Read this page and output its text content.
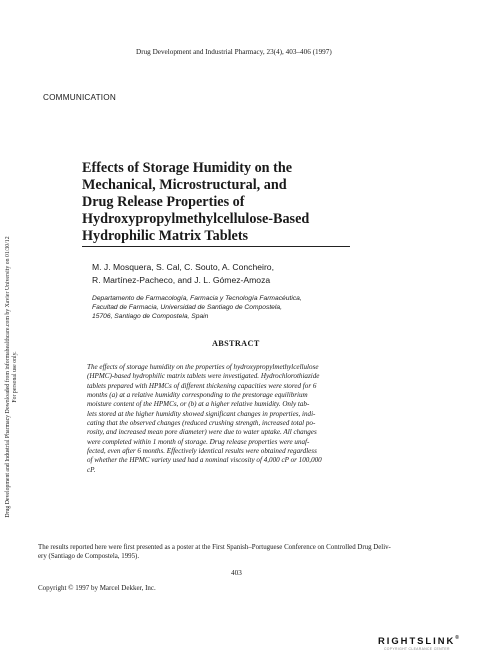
Drug Development and Industrial Pharmacy, 23(4), 403–406 (1997)
COMMUNICATION
Drug Development and Industrial Pharmacy Downloaded from informahealthcare.com by Xavier University on 01/30/12 For personal use only.
Effects of Storage Humidity on the
Mechanical, Microstructural, and
Drug Release Properties of
Hydroxypropylmethylcellulose-Based
Hydrophilic Matrix Tablets
M. J. Mosquera, S. Cal, C. Souto, A. Concheiro,
R. Martínez-Pacheco, and J. L. Gómez-Amoza
Departamento de Farmacología, Farmacia y Tecnología Farmacéutica,
Facultad de Farmacia, Universidad de Santiago de Compostela,
15706, Santiago de Compostela, Spain
ABSTRACT
The effects of storage humidity on the properties of hydroxypropylmethylcellulose
(HPMC)-based hydrophilic matrix tablets were investigated. Hydrochlorothiazide
tablets prepared with HPMCs of different thickening capacities were stored for 6
months (a) at a relative humidity corresponding to the prestorage equilibrium
moisture content of the HPMCs, or (b) at a higher relative humidity. Only tab-
lets stored at the higher humidity showed significant changes in properties, indi-
cating that the observed changes (reduced crushing strength, increased total po-
rosity, and increased mean pore diameter) were due to water uptake. All changes
were completed within 1 month of storage. Drug release properties were unaf-
fected, even after 6 months. Effectively identical results were obtained regardless
of whether the HPMC variety used had a nominal viscosity of 4,000 cP or 100,000
cP.
The results reported here were first presented as a poster at the First Spanish–Portuguese Conference on Controlled Drug Deliv-
ery (Santiago de Compostela, 1995).
403
Copyright © 1997 by Marcel Dekker, Inc.
RIGHTSLINK®
COPYRIGHT CLEARANCE CENTER
